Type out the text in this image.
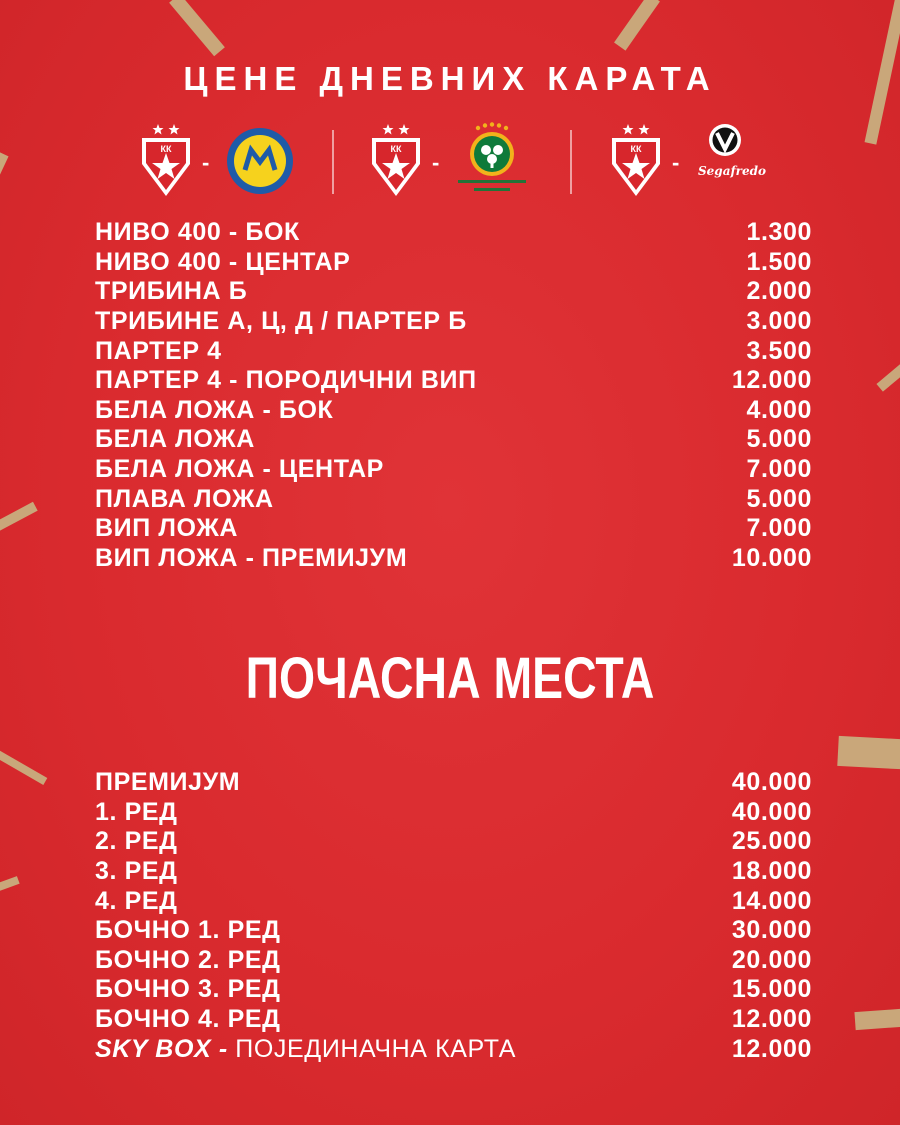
ЦЕНЕ ДНЕВНИХ КАРАТА
КК
-
КК
-
КК
- Segafredo
НИВО 400 - БОК	1.300
НИВО 400 - ЦЕНТАР	1.500
ТРИБИНА Б	2.000
ТРИБИНЕ А, Ц, Д / ПАРТЕР Б	3.000
ПАРТЕР 4	3.500
ПАРТЕР 4 - ПОРОДИЧНИ ВИП	12.000
БЕЛА ЛОЖА - БОК	4.000
БЕЛА ЛОЖА	5.000
БЕЛА ЛОЖА - ЦЕНТАР	7.000
ПЛАВА ЛОЖА	5.000
ВИП ЛОЖА	7.000
ВИП ЛОЖА - ПРЕМИЈУМ	10.000
ПОЧАСНА МЕСТА
ПРЕМИЈУМ	40.000
1. РЕД	40.000
2. РЕД	25.000
3. РЕД	18.000
4. РЕД	14.000
БОЧНО 1. РЕД	30.000
БОЧНО 2. РЕД	20.000
БОЧНО 3. РЕД	15.000
БОЧНО 4. РЕД	12.000
SKY BOX - ПОЈЕДИНАЧНА КАРТА	12.000
